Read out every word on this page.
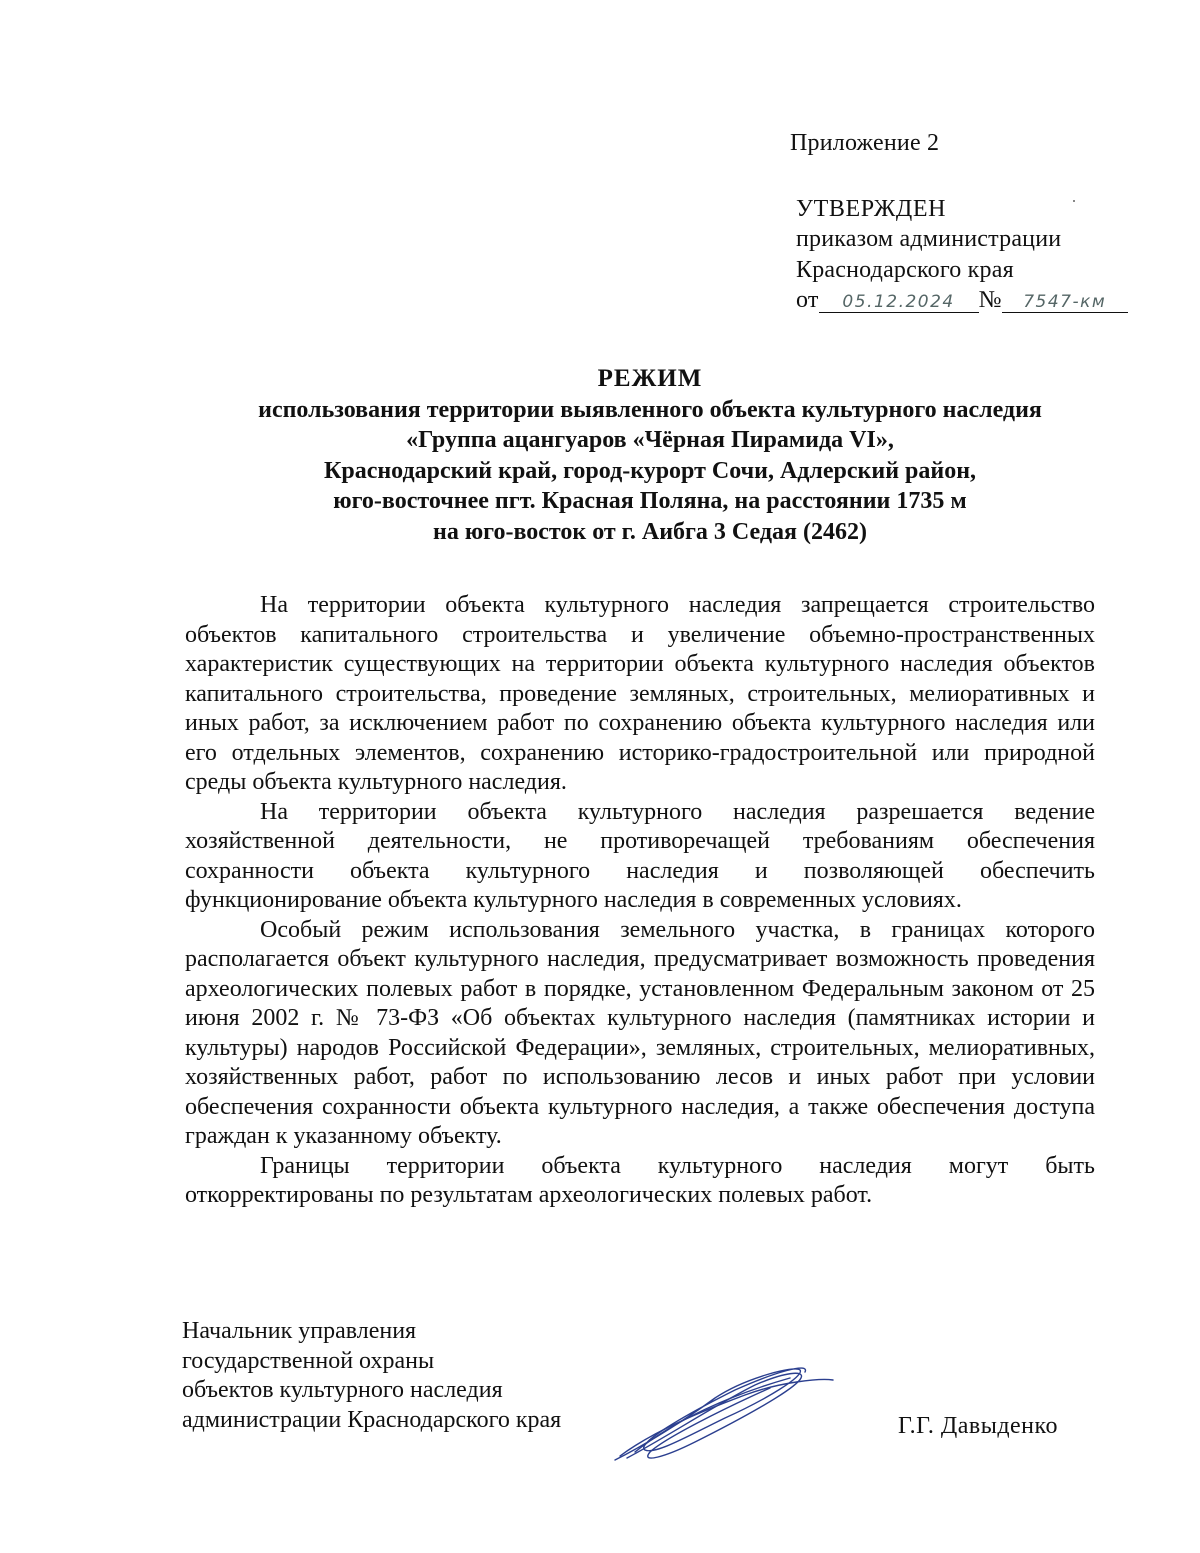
Приложение 2
УТВЕРЖДЕН
приказом администрации
Краснодарского края
от 05.12.2024 № 7547-км
РЕЖИМ
использования территории выявленного объекта культурного наследия
«Группа ацангуаров «Чёрная Пирамида VI»,
Краснодарский край, город-курорт Сочи, Адлерский район,
юго-восточнее пгт. Красная Поляна, на расстоянии 1735 м
на юго-восток от г. Аибга 3 Седая (2462)

На территории объекта культурного наследия запрещается строительство объектов капитального строительства и увеличение объемно-пространственных характеристик существующих на территории объекта культурного наследия объектов капитального строительства, проведение земляных, строительных, мелиоративных и иных работ, за исключением работ по сохранению объекта культурного наследия или его отдельных элементов, сохранению историко-градостроительной или природной среды объекта культурного наследия.

На территории объекта культурного наследия разрешается ведение хозяйственной деятельности, не противоречащей требованиям обеспечения сохранности объекта культурного наследия и позволяющей обеспечить функционирование объекта культурного наследия в современных условиях.

Особый режим использования земельного участка, в границах которого располагается объект культурного наследия, предусматривает возможность проведения археологических полевых работ в порядке, установленном Федеральным законом от 25 июня 2002 г. № 73-ФЗ «Об объектах культурного наследия (памятниках истории и культуры) народов Российской Федерации», земляных, строительных, мелиоративных, хозяйственных работ, работ по использованию лесов и иных работ при условии обеспечения сохранности объекта культурного наследия, а также обеспечения доступа граждан к указанному объекту.

Границы территории объекта культурного наследия могут быть откорректированы по результатам археологических полевых работ.

Начальник управления
государственной охраны
объектов культурного наследия
администрации Краснодарского края	Г.Г. Давыденко
